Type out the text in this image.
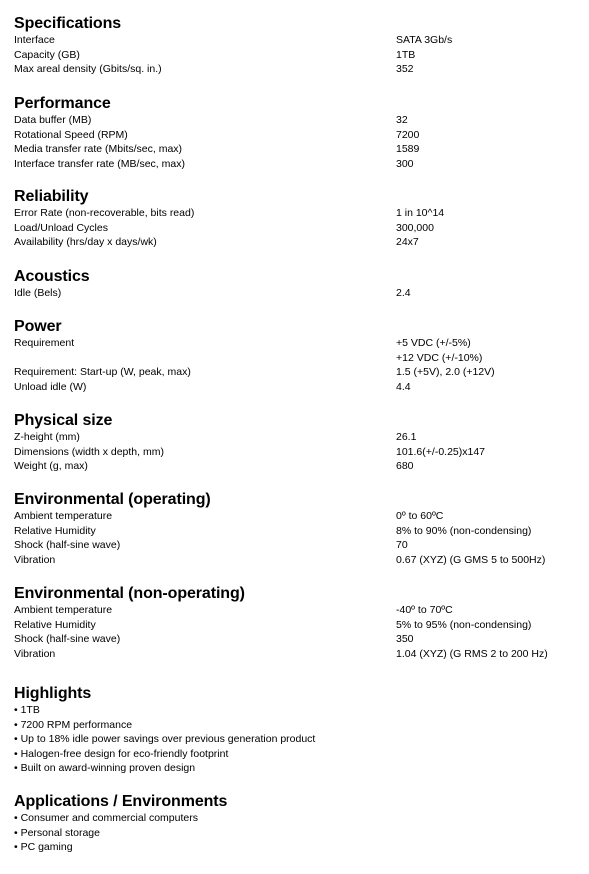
Specifications
Interface	SATA 3Gb/s
Capacity (GB)	1TB
Max areal density (Gbits/sq. in.)	352
Performance
Data buffer (MB)	32
Rotational Speed (RPM)	7200
Media transfer rate (Mbits/sec, max)	1589
Interface transfer rate (MB/sec, max)	300
Reliability
Error Rate (non-recoverable, bits read)	1 in 10^14
Load/Unload Cycles	300,000
Availability (hrs/day x days/wk)	24x7
Acoustics
Idle (Bels)	2.4
Power
Requirement	+5 VDC (+/-5%)
+12 VDC (+/-10%)
Requirement: Start-up (W, peak, max)	1.5 (+5V), 2.0 (+12V)
Unload idle (W)	4.4
Physical size
Z-height (mm)	26.1
Dimensions (width x depth, mm)	101.6(+/-0.25)x147
Weight (g, max)	680
Environmental (operating)
Ambient temperature	0º to 60ºC
Relative Humidity	8% to 90% (non-condensing)
Shock (half-sine wave)	70
Vibration	0.67 (XYZ) (G GMS 5 to 500Hz)
Environmental (non-operating)
Ambient temperature	-40º to 70ºC
Relative Humidity	5% to 95% (non-condensing)
Shock (half-sine wave)	350
Vibration	1.04 (XYZ) (G RMS 2 to 200 Hz)
Highlights
• 1TB
• 7200 RPM performance
• Up to 18% idle power savings over previous generation product
• Halogen-free design for eco-friendly footprint
• Built on award-winning proven design
Applications / Environments
• Consumer and commercial computers
• Personal storage
• PC gaming
